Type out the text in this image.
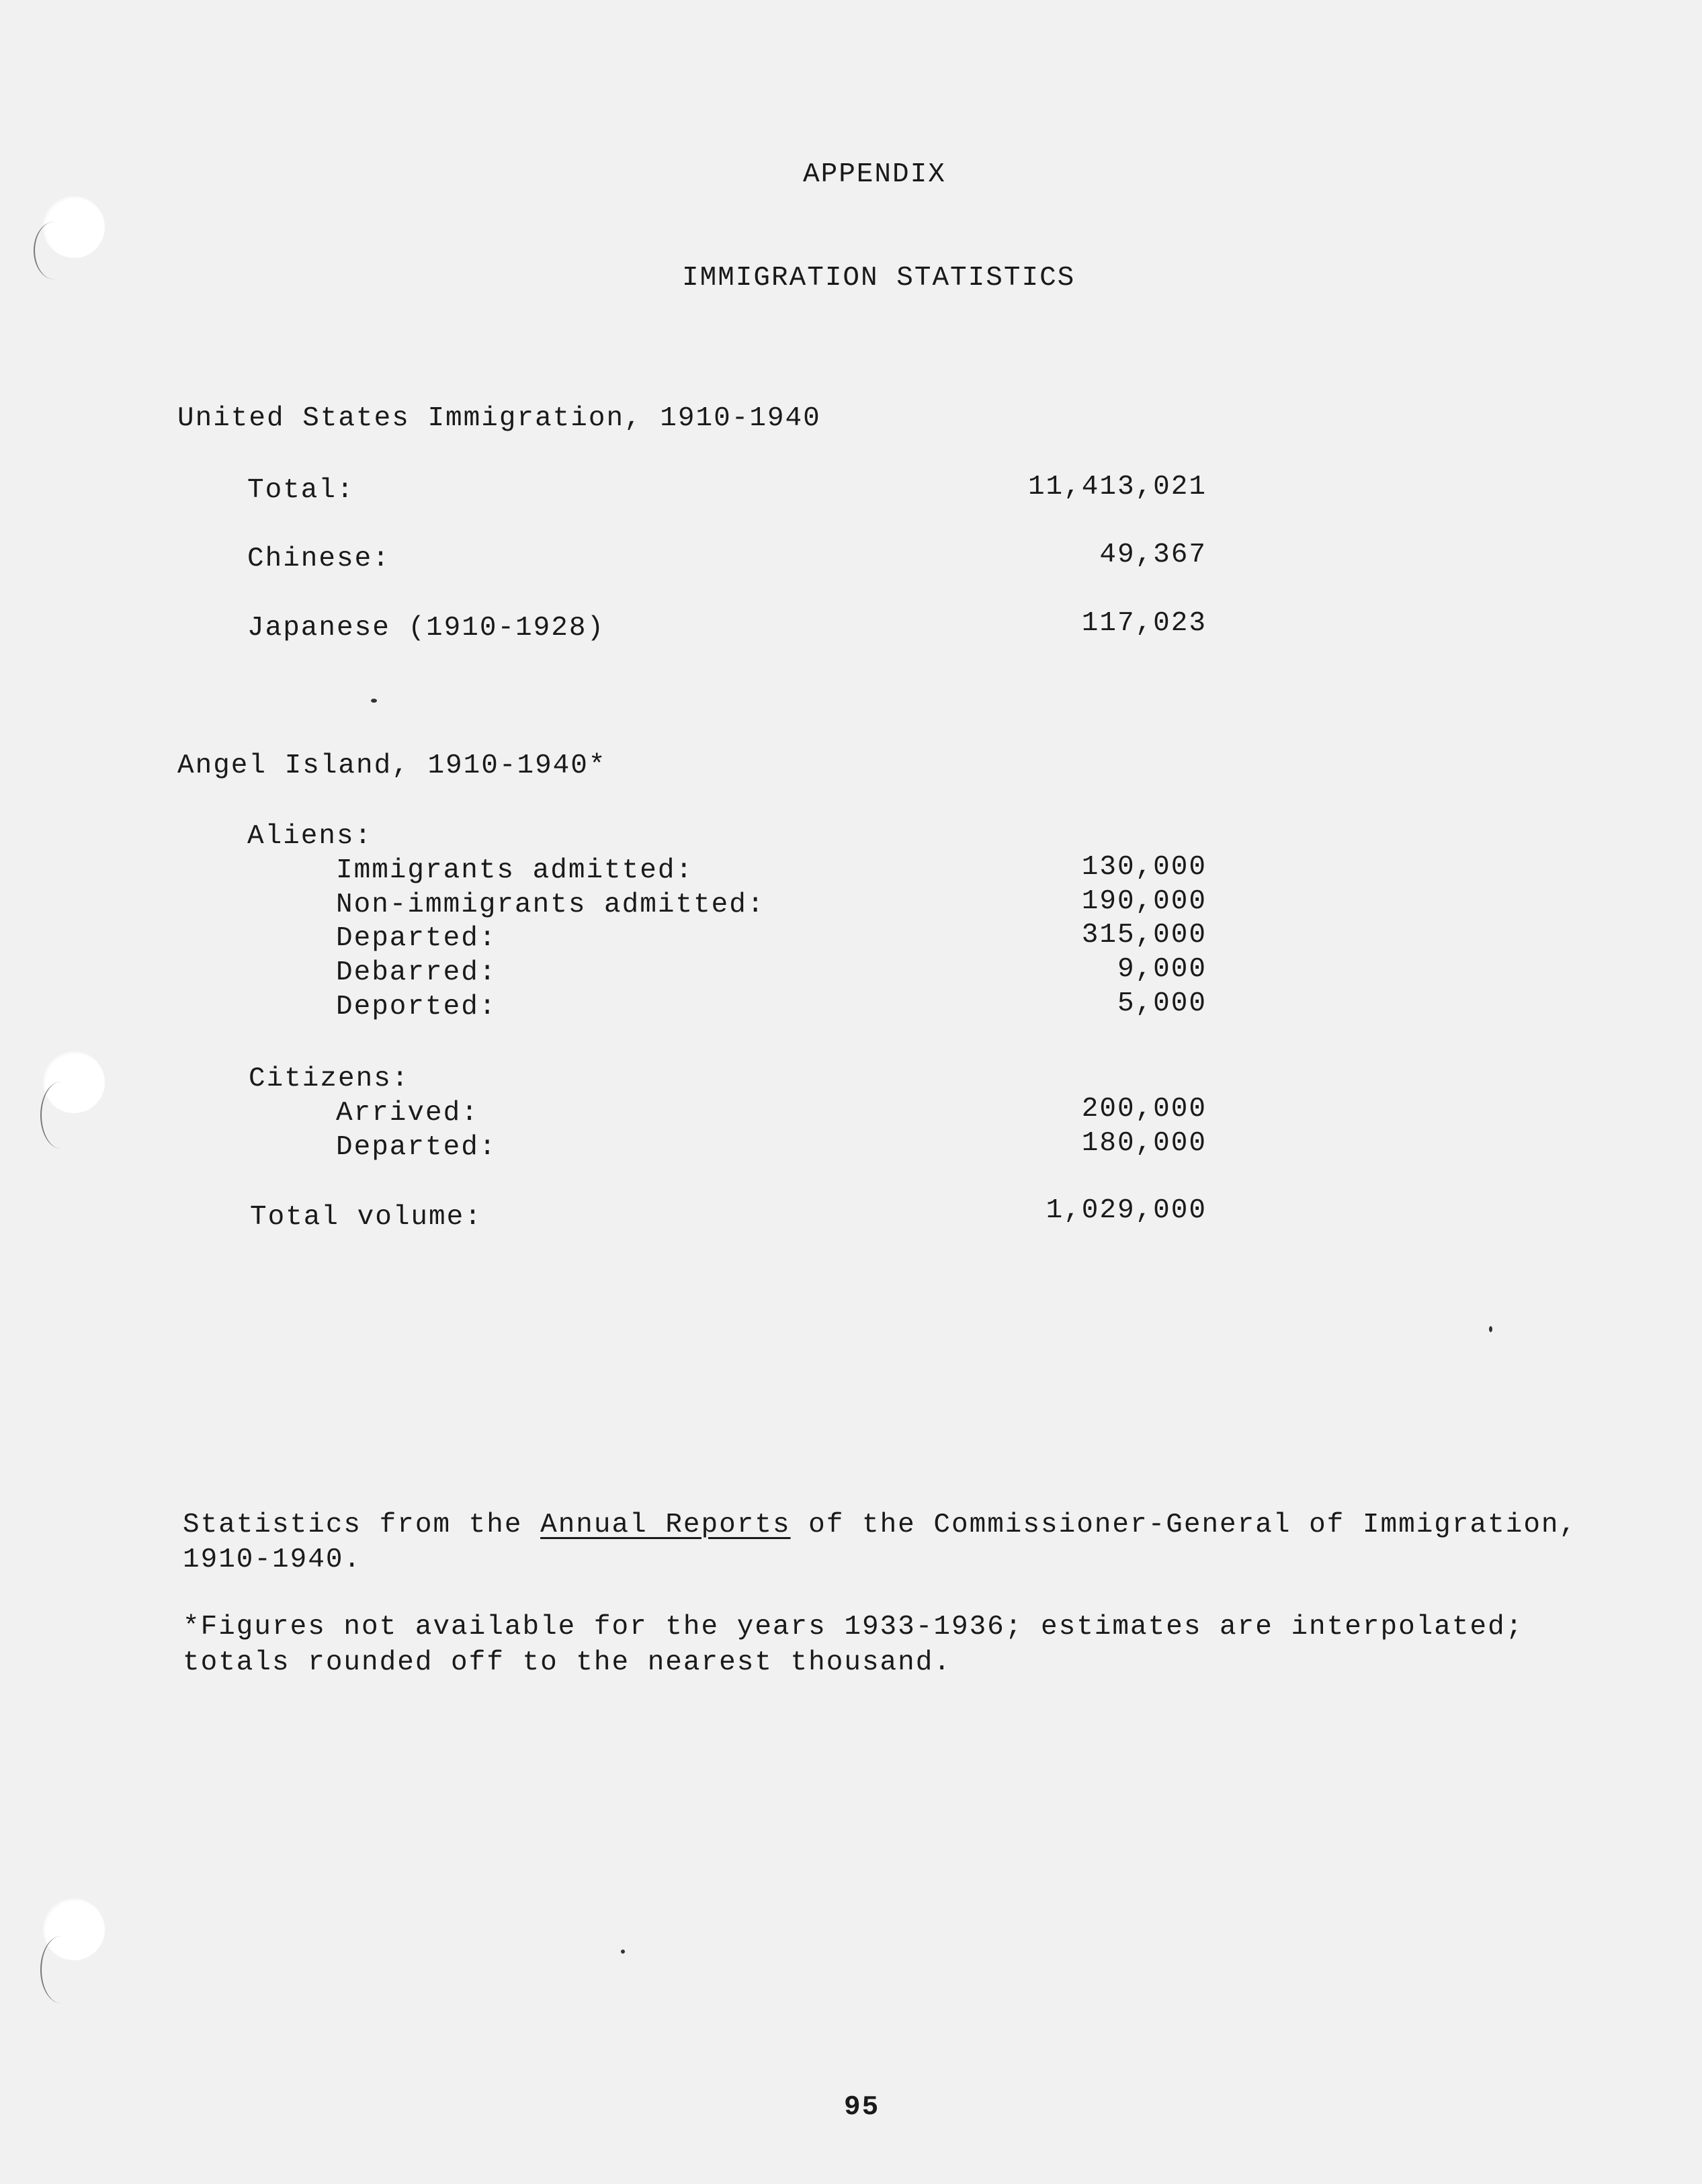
APPENDIX
IMMIGRATION STATISTICS
United States Immigration, 1910-1940
Total:	11,413,021
Chinese:	49,367
Japanese (1910-1928)	117,023
Angel Island, 1910-1940*
Aliens:
Immigrants admitted:	130,000
Non-immigrants admitted:	190,000
Departed:	315,000
Debarred:	9,000
Deported:	5,000
Citizens:
Arrived:	200,000
Departed:	180,000
Total volume:	1,029,000
Statistics from the Annual Reports of the Commissioner-General of Immigration,
1910-1940.
*Figures not available for the years 1933-1936; estimates are interpolated;
totals rounded off to the nearest thousand.
95
